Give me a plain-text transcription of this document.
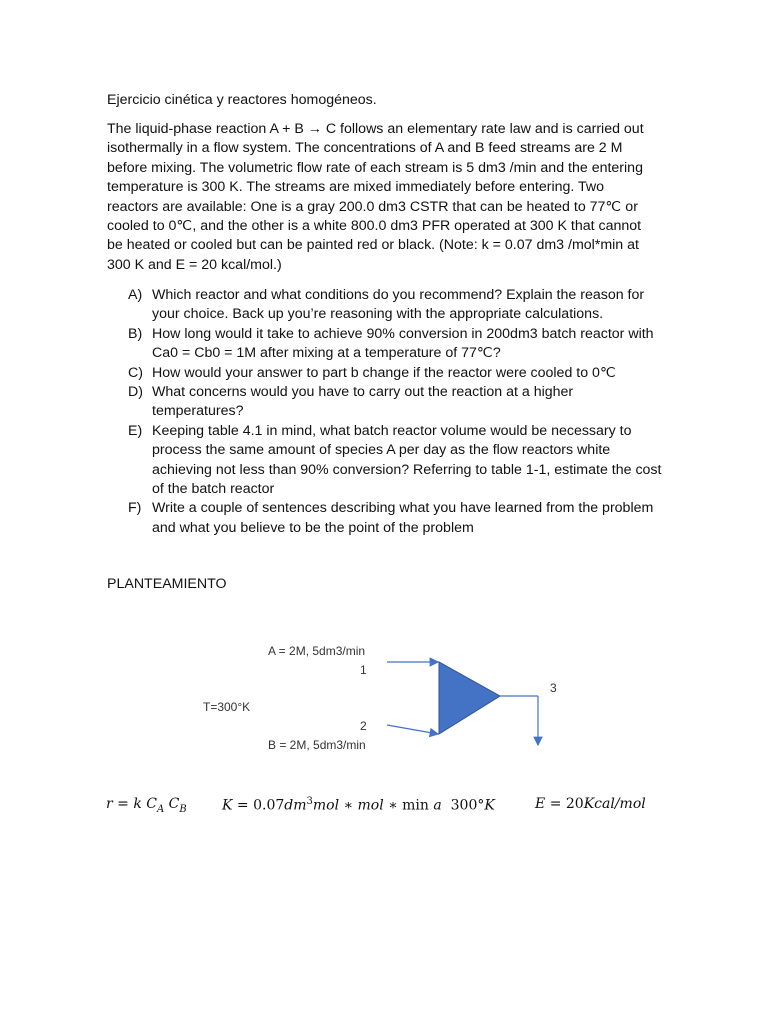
Ejercicio cinética y reactores homogéneos.
The liquid-phase reaction A + B → C follows an elementary rate law and is carried out isothermally in a flow system. The concentrations of A and B feed streams are 2 M before mixing. The volumetric flow rate of each stream is 5 dm3 /min and the entering temperature is 300 K. The streams are mixed immediately before entering. Two reactors are available: One is a gray 200.0 dm3 CSTR that can be heated to 77℃ or cooled to 0℃, and the other is a white 800.0 dm3 PFR operated at 300 K that cannot be heated or cooled but can be painted red or black. (Note: k = 0.07 dm3 /mol*min at 300 K and E = 20 kcal/mol.)
A) Which reactor and what conditions do you recommend? Explain the reason for your choice. Back up you’re reasoning with the appropriate calculations.
B) How long would it take to achieve 90% conversion in 200dm3 batch reactor with Ca0 = Cb0 = 1M after mixing at a temperature of 77℃?
C) How would your answer to part b change if the reactor were cooled to 0℃
D) What concerns would you have to carry out the reaction at a higher temperatures?
E) Keeping table 4.1 in mind, what batch reactor volume would be necessary to process the same amount of species A per day as the flow reactors white achieving not less than 90% conversion? Referring to table 1-1, estimate the cost of the batch reactor
F) Write a couple of sentences describing what you have learned from the problem and what you believe to be the point of the problem
PLANTEAMIENTO
A = 2M, 5dm3/min
1
T=300°K
2
B = 2M, 5dm3/min
3
r = k $C_A$ $C_B$	$K = 0.07dm^3mol$ ∗ mol ∗ min a 300°K	E = 20Kcal/mol
